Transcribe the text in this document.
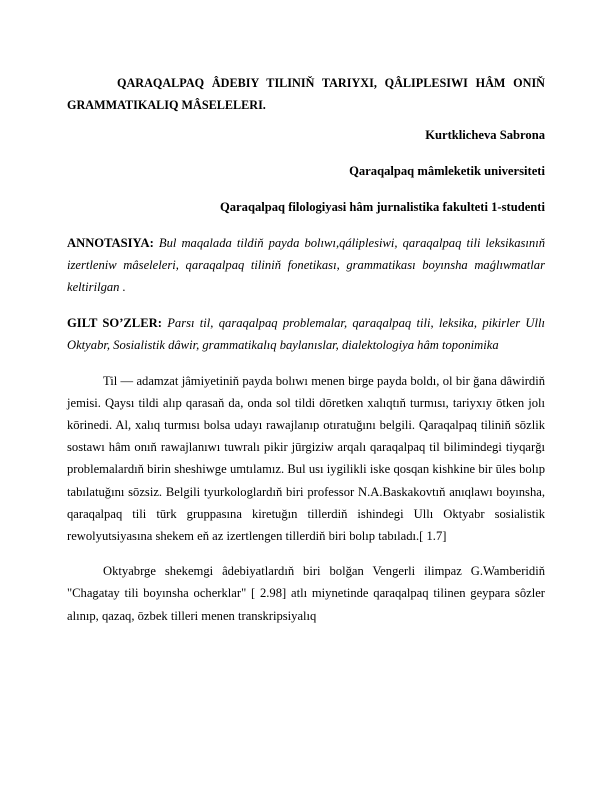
QARAQALPAQ ÂDEBIY TILINIŇ TARIYXI, QÂLIPLESIWI HÂM ONIŇ GRAMMATIKALIQ MÂSELELERI.

Kurtklicheva Sabrona

Qaraqalpaq mâmleketik universiteti

Qaraqalpaq filologiyasi hâm jurnalistika fakulteti 1-studenti

ANNOTASIYA: Bul maqalada tildiň payda bolıwı,qáliplesiwi, qaraqalpaq tili leksikasınıň izertleniw mâseleleri, qaraqalpaq tiliniň fonetikası, grammatikası boyınsha maǵlıwmatlar keltirilgan .

GILT SO’ZLER: Parsı til, qaraqalpaq problemalar, qaraqalpaq tili, leksika, pikirler Ullı Oktyabr, Sosialistik dâwir, grammatikalıq baylanıslar, dialektologiya hâm toponimika

Til — adamzat jâmiyetiniň payda bolıwı menen birge payda boldı, ol bir ǧana dâwirdiň jemisi. Qaysı tildi alıp qarasaň da, onda sol tildi dōretken xalıqtıň turmısı, tariyxıy ōtken jolı kōrinedi. Al, xalıq turmısı bolsa udayı rawajlanıp otıratuǧını belgili. Qaraqalpaq tiliniň sōzlik sostawı hâm onıň rawajlanıwı tuwralı pikir jūrgiziw arqalı qaraqalpaq til bilimindegi tiyqarǧı problemalardıň birin sheshiwge umtılamız. Bul usı iygilikli iske qosqan kishkine bir ūles bolıp tabılatuǧını sōzsiz. Belgili tyurkologlardıň biri professor N.A.Baskakovtıň anıqlawı boyınsha, qaraqalpaq tili tūrk gruppasına kiretuǧın tillerdiň ishindegi Ullı Oktyabr sosialistik rewolyutsiyasına shekem eň az izertlengen tillerdiň biri bolıp tabıladı.[ 1.7]

Oktyabrge shekemgi âdebiyatlardıň biri bolǧan Vengerli ilimpaz G.Wamberidiň "Chagatay tili boyınsha ocherklar" [ 2.98] atlı miynetinde qaraqalpaq tilinen geypara sôzler alınıp, qazaq, ōzbek tilleri menen transkripsiyalıq
